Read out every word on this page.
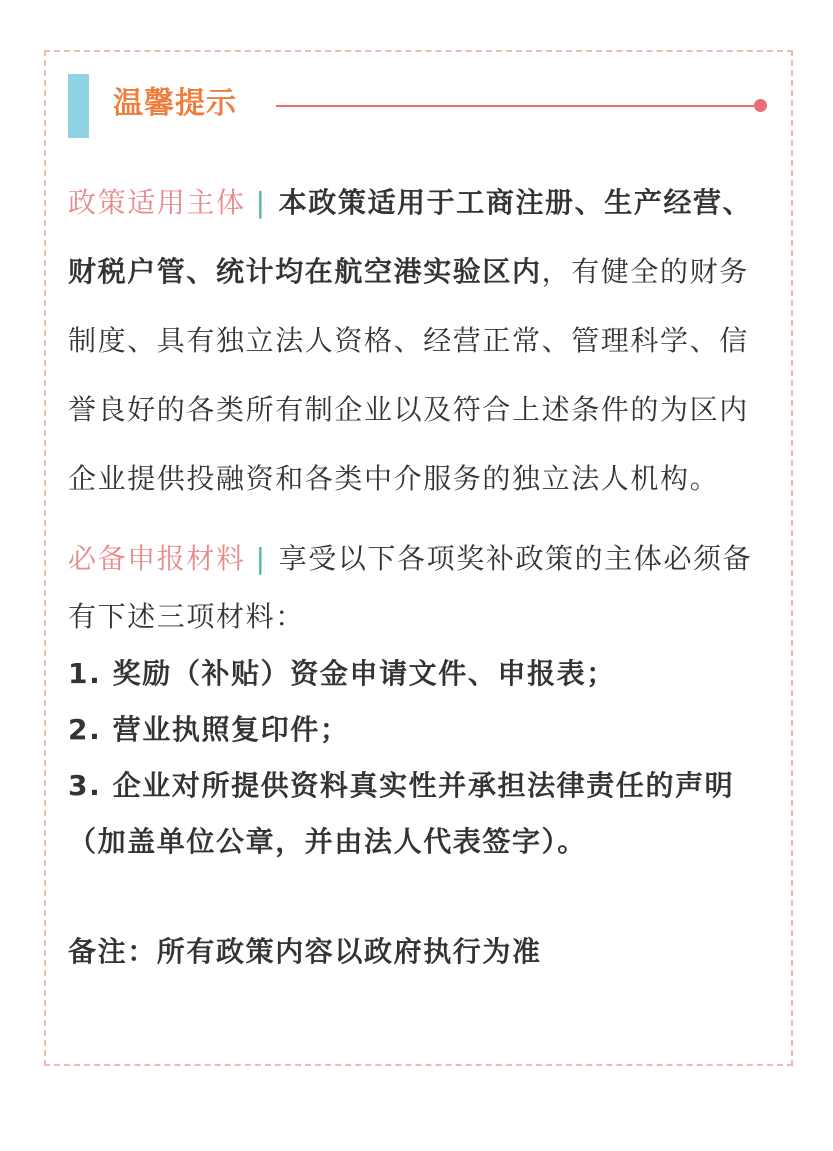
温馨提示

政策适用主体 | 本政策适用于工商注册、生产经营、财税户管、统计均在航空港实验区内，有健全的财务制度、具有独立法人资格、经营正常、管理科学、信誉良好的各类所有制企业以及符合上述条件的为区内企业提供投融资和各类中介服务的独立法人机构。

必备申报材料 | 享受以下各项奖补政策的主体必须备有下述三项材料：
1. 奖励（补贴）资金申请文件、申报表；
2. 营业执照复印件；
3. 企业对所提供资料真实性并承担法律责任的声明（加盖单位公章，并由法人代表签字）。
备注：所有政策内容以政府执行为准
